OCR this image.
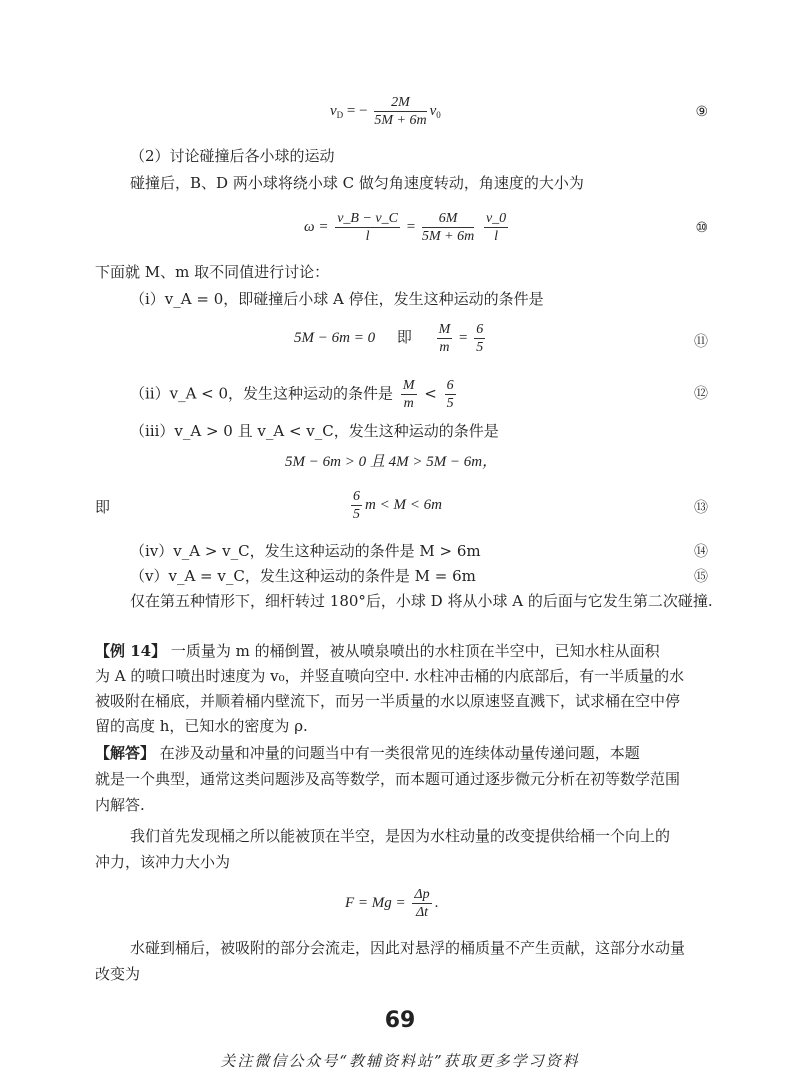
$v_D$ = − $\frac{2M}{5M + 6m} v_0$	⑨
（2）讨论碰撞后各小球的运动
碰撞后，B、D 两小球将绕小球 C 做匀角速度转动，角速度的大小为
$\omega = \frac{v\_B - v\_C}{l} = \frac{6M}{5M + 6m}$
$\frac{v\_0}{l}$	⑩
下面就 M、m 取不同值进行讨论：
（ⅰ）v_A = 0，即碰撞后小球 A 停住，发生这种运动的条件是
5M − 6m = 0 即 $\frac{M}{m} = \frac{6}{5}$	⑪
（ⅱ）v_A < 0，发生这种运动的条件是 $\frac{M}{m} < \frac{6}{5}$	⑫
（ⅲ）v_A > 0 且 v_A < v_C，发生这种运动的条件是
5M − 6m > 0 且 4M > 5M − 6m，
即	$\frac{6}{5}$ m < M < 6m	⑬
（ⅳ）v_A > v_C，发生这种运动的条件是 M > 6m	⑭
（ⅴ）v_A = v_C，发生这种运动的条件是 M = 6m	⑮
仅在第五种情形下，细杆转过 180°后，小球 D 将从小球 A 的后面与它发生第二次碰撞.
【例 14】 一质量为 m 的桶倒置，被从喷泉喷出的水柱顶在半空中，已知水柱从面积
为 A 的喷口喷出时速度为 v₀，并竖直喷向空中. 水柱冲击桶的内底部后，有一半质量的水
被吸附在桶底，并顺着桶内壁流下，而另一半质量的水以原速竖直溅下，试求桶在空中停
留的高度 h，已知水的密度为 ρ.
【解答】 在涉及动量和冲量的问题当中有一类很常见的连续体动量传递问题，本题
就是一个典型，通常这类问题涉及高等数学，而本题可通过逐步微元分析在初等数学范围
内解答.
我们首先发现桶之所以能被顶在半空，是因为水柱动量的改变提供给桶一个向上的
冲力，该冲力大小为
$F = Mg = \frac{\Delta p}{\Delta t}$ .
水碰到桶后，被吸附的部分会流走，因此对悬浮的桶质量不产生贡献，这部分水动量
改变为
69
关注微信公众号“教辅资料站”获取更多学习资料
